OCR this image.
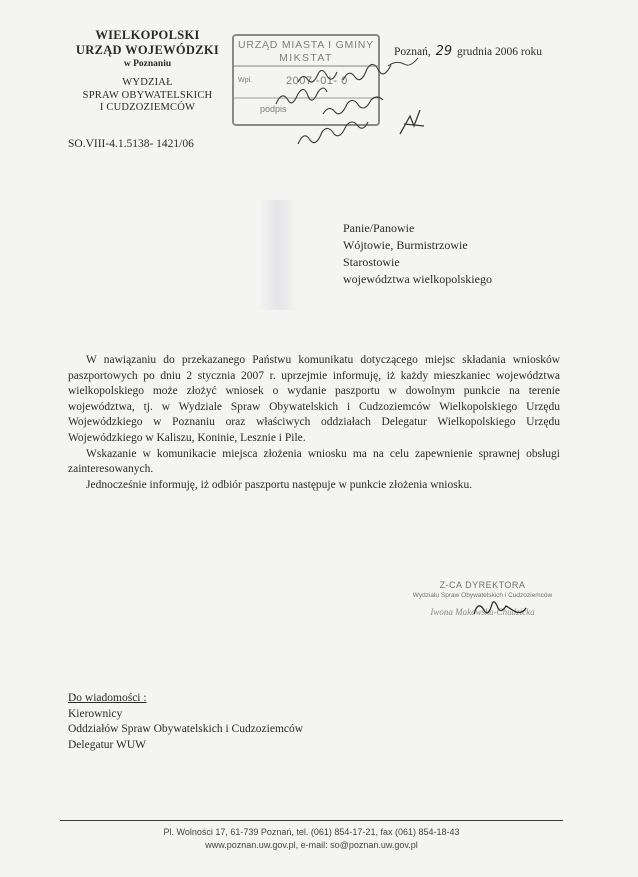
WIELKOPOLSKI
URZĄD WOJEWÓDZKI
w Poznaniu
WYDZIAŁ
SPRAW OBYWATELSKICH
I CUDZOZIEMCÓW
SO.VIII-4.1.5138- 1421/06
URZĄD MIASTA I GMINY
MIKSTAT
Wpł.	2007 -01- 0
podpis
Poznań, 29 grudnia 2006 roku
Panie/Panowie
Wójtowie, Burmistrzowie
Starostowie
województwa wielkopolskiego

W nawiązaniu do przekazanego Państwu komunikatu dotyczącego miejsc składania wniosków paszportowych po dniu 2 stycznia 2007 r. uprzejmie informuję, iż każdy mieszkaniec województwa wielkopolskiego może złożyć wniosek o wydanie paszportu w dowolnym punkcie na terenie województwa, tj. w Wydziale Spraw Obywatelskich i Cudzoziemców Wielkopolskiego Urzędu Wojewódzkiego w Poznaniu oraz właściwych oddziałach Delegatur Wielkopolskiego Urzędu Wojewódzkiego w Kaliszu, Koninie, Lesznie i Pile.

Wskazanie w komunikacie miejsca złożenia wniosku ma na celu zapewnienie sprawnej obsługi zainteresowanych.

Jednocześnie informuję, iż odbiór paszportu następuje w punkcie złożenia wniosku.

Z-CA DYREKTORA
Wydziału Spraw Obywatelskich i Cudzoziemców
Iwona Makowska-Chudzicka
Do wiadomości :
Kierownicy
Oddziałów Spraw Obywatelskich i Cudzoziemców
Delegatur WUW
Pl. Wolności 17, 61-739 Poznań, tel. (061) 854-17-21, fax (061) 854-18-43
www.poznan.uw.gov.pl, e-mail: so@poznan.uw.gov.pl
